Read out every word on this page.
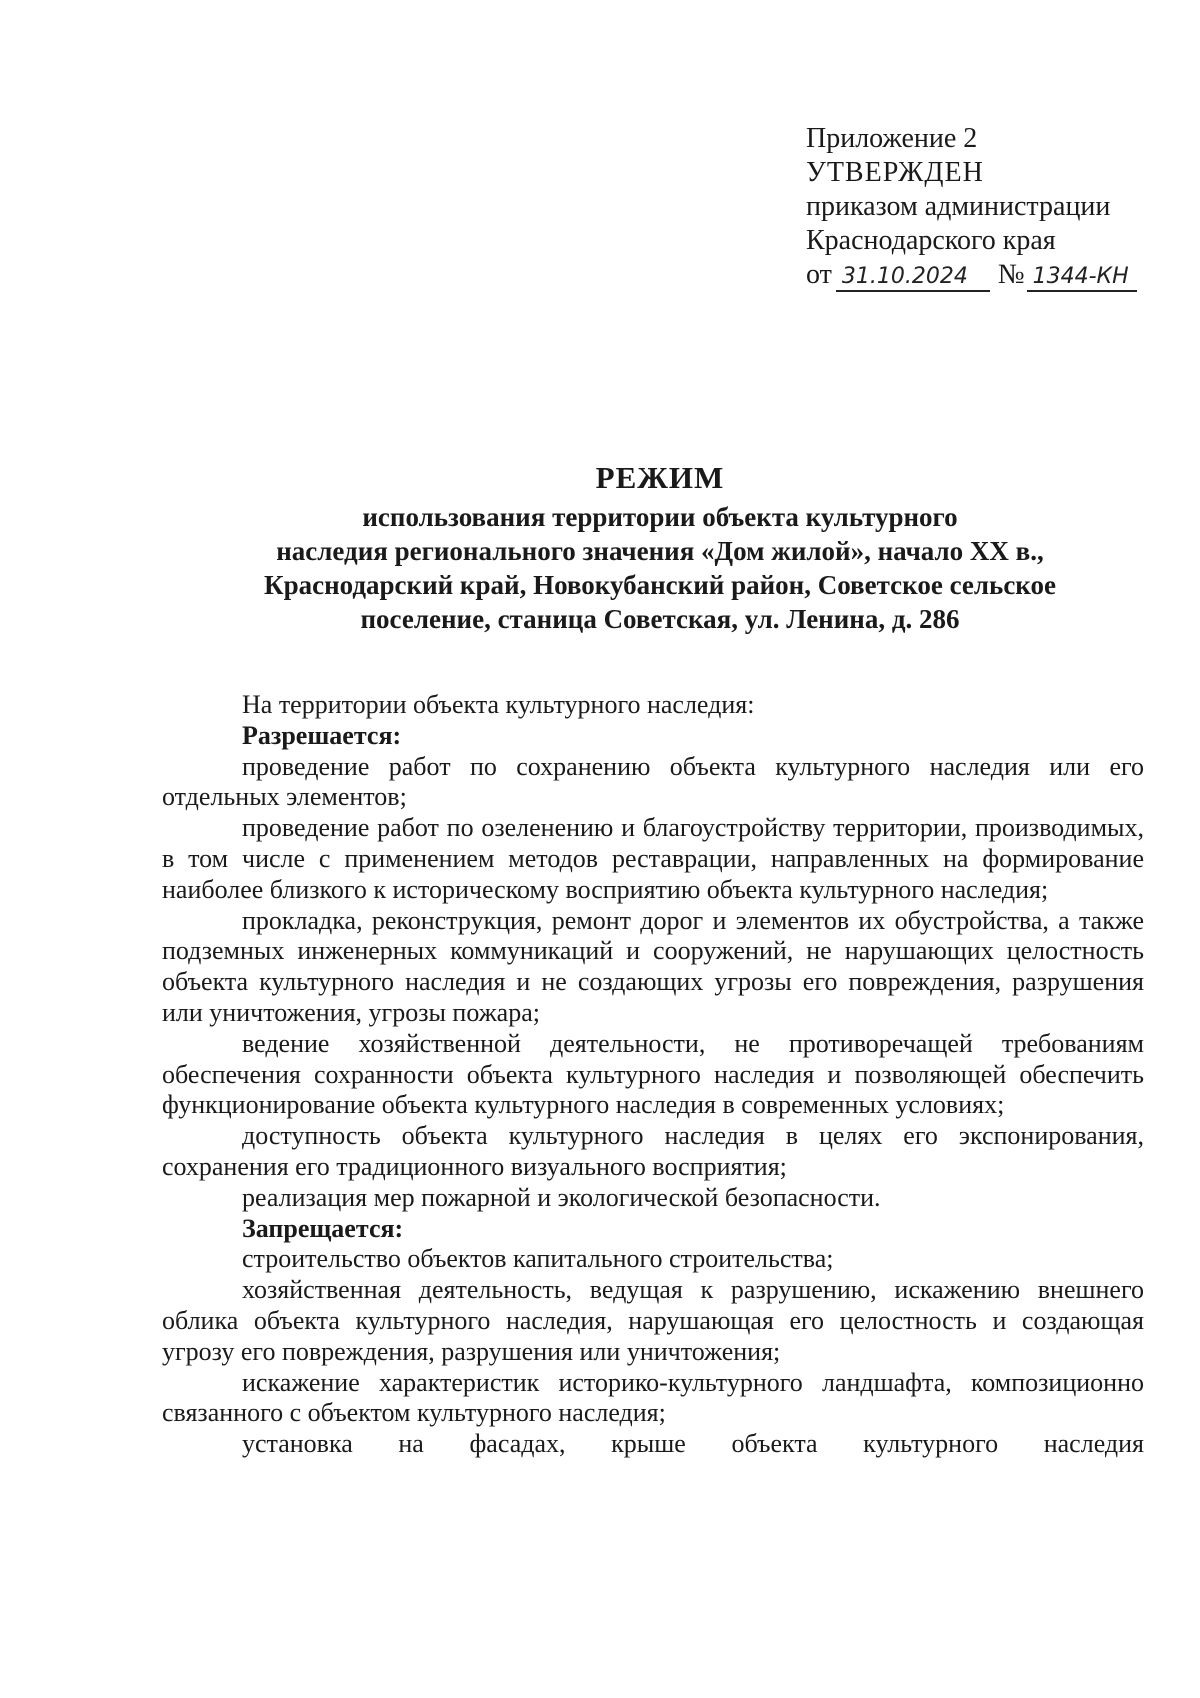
Приложение 2

УТВЕРЖДЕН

приказом администрации

Краснодарского края

от 31.10.2024	№ 1344-КН

РЕЖИМ

использования территории объекта культурного

наследия регионального значения «Дом жилой», начало XX в.,

Краснодарский край, Новокубанский район, Советское сельское

поселение, станица Советская, ул. Ленина, д. 286

На территории объекта культурного наследия:

Разрешается:

проведение работ по сохранению объекта культурного наследия или его отдельных элементов;

проведение работ по озеленению и благоустройству территории, производимых, в том числе с применением методов реставрации, направленных на формирование наиболее близкого к историческому восприятию объекта культурного наследия;

прокладка, реконструкция, ремонт дорог и элементов их обустройства, а также подземных инженерных коммуникаций и сооружений, не нарушающих целостность объекта культурного наследия и не создающих угрозы его повреждения, разрушения или уничтожения, угрозы пожара;

ведение хозяйственной деятельности, не противоречащей требованиям обеспечения сохранности объекта культурного наследия и позволяющей обеспечить функционирование объекта культурного наследия в современных условиях;

доступность объекта культурного наследия в целях его экспонирования, сохранения его традиционного визуального восприятия;

реализация мер пожарной и экологической безопасности.

Запрещается:

строительство объектов капитального строительства;

хозяйственная деятельность, ведущая к разрушению, искажению внешнего облика объекта культурного наследия, нарушающая его целостность и создающая угрозу его повреждения, разрушения или уничтожения;

искажение характеристик историко-культурного ландшафта, композиционно связанного с объектом культурного наследия;

установка на фасадах, крыше объекта культурного наследия
